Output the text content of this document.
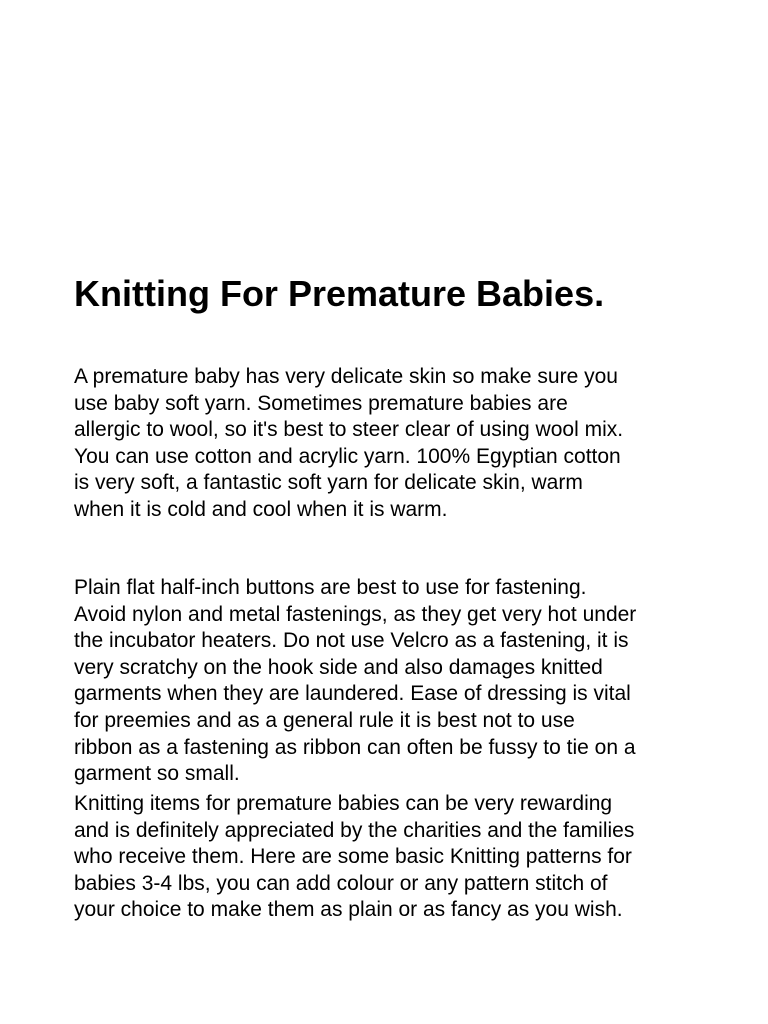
Knitting For Premature Babies.

A premature baby has very delicate skin so make sure you
use baby soft yarn. Sometimes premature babies are
allergic to wool, so it's best to steer clear of using wool mix.
You can use cotton and acrylic yarn. 100% Egyptian cotton
is very soft, a fantastic soft yarn for delicate skin, warm
when it is cold and cool when it is warm.

Plain flat half-inch buttons are best to use for fastening.
Avoid nylon and metal fastenings, as they get very hot under
the incubator heaters. Do not use Velcro as a fastening, it is
very scratchy on the hook side and also damages knitted
garments when they are laundered. Ease of dressing is vital
for preemies and as a general rule it is best not to use
ribbon as a fastening as ribbon can often be fussy to tie on a
garment so small.

Knitting items for premature babies can be very rewarding
and is definitely appreciated by the charities and the families
who receive them. Here are some basic Knitting patterns for
babies 3-4 lbs, you can add colour or any pattern stitch of
your choice to make them as plain or as fancy as you wish.
